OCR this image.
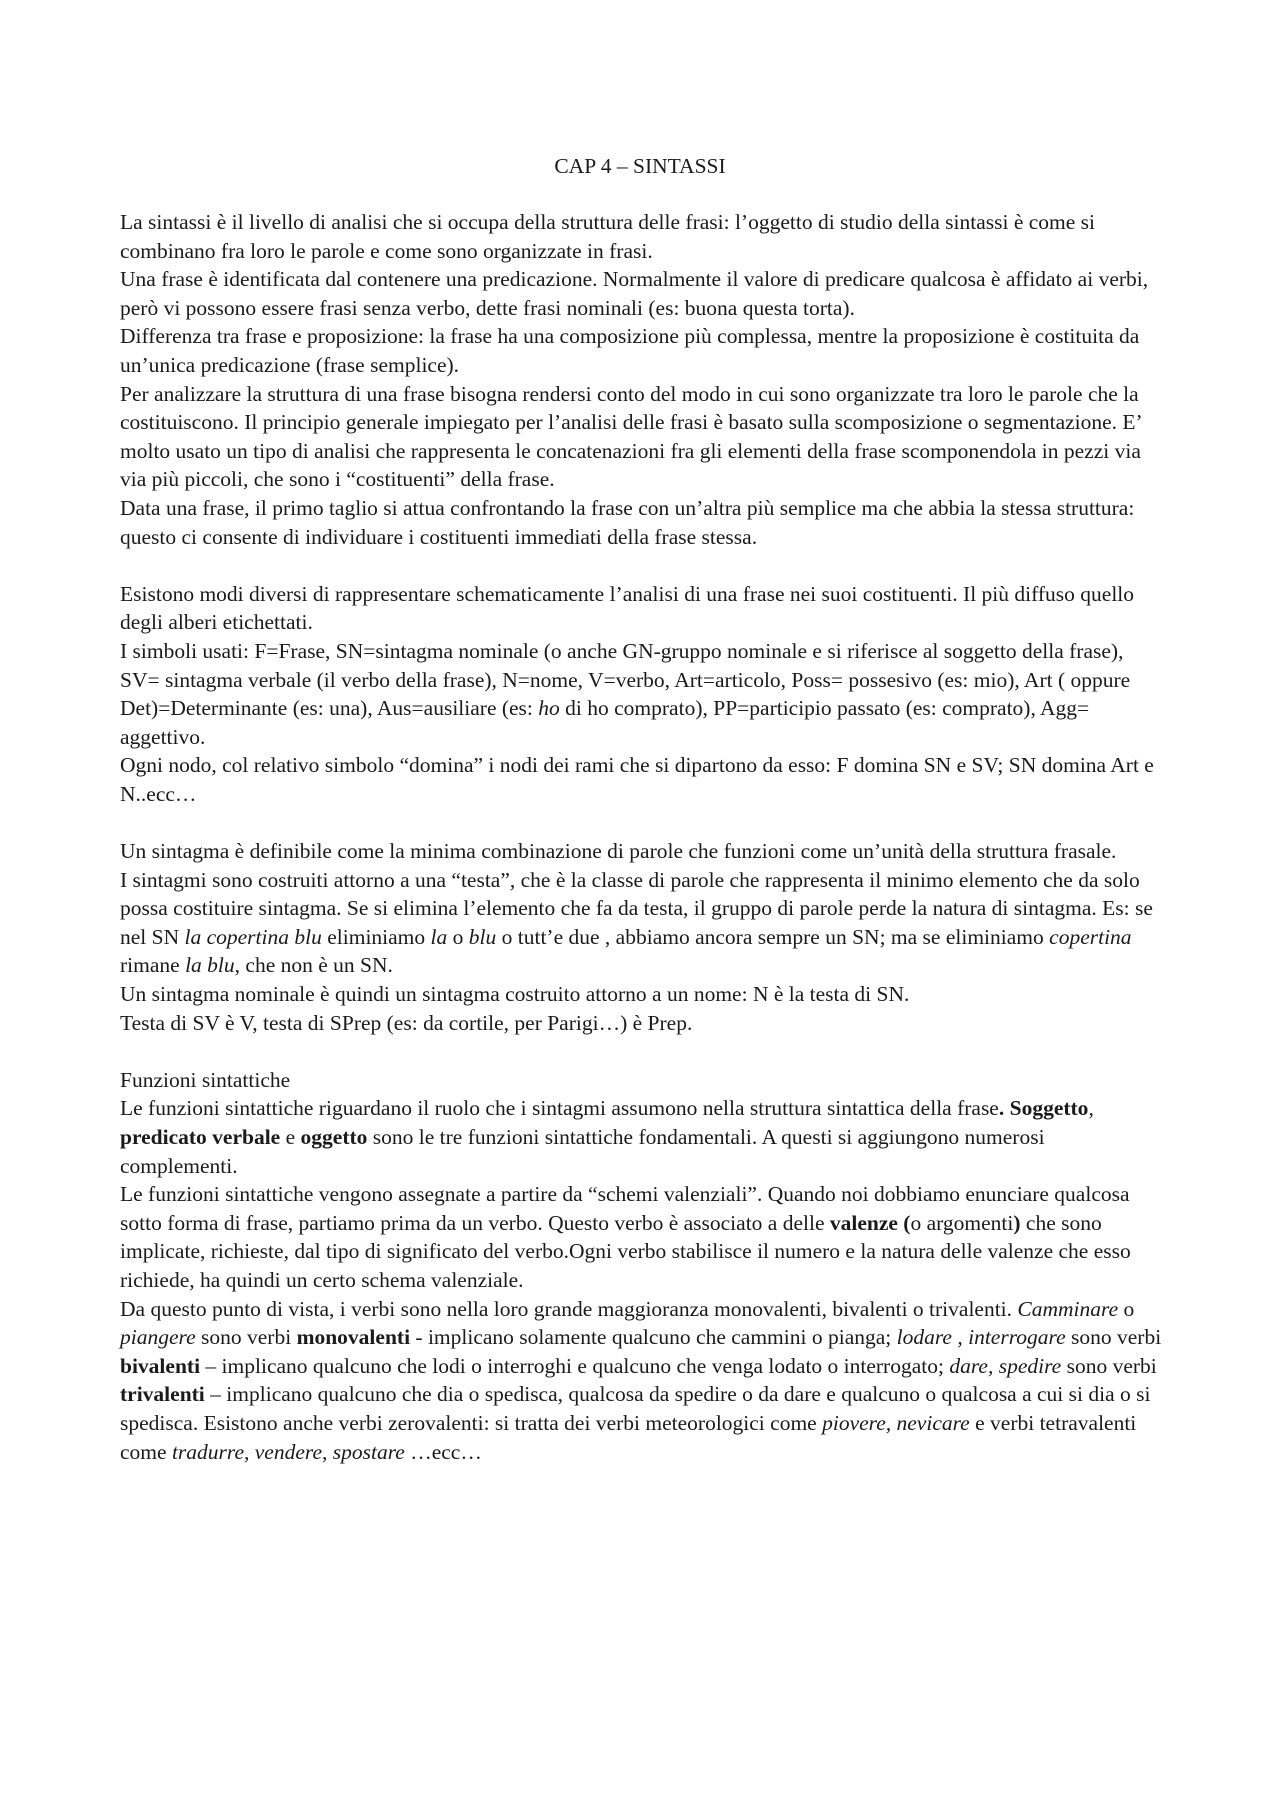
CAP 4 – SINTASSI

La sintassi è il livello di analisi che si occupa della struttura delle frasi: l’oggetto di studio della sintassi è come si combinano fra loro le parole e come sono organizzate in frasi.

Una frase è identificata dal contenere una predicazione. Normalmente il valore di predicare qualcosa è affidato ai verbi, però vi possono essere frasi senza verbo, dette frasi nominali (es: buona questa torta).

Differenza tra frase e proposizione: la frase ha una composizione più complessa, mentre la proposizione è costituita da un’unica predicazione (frase semplice).

Per analizzare la struttura di una frase bisogna rendersi conto del modo in cui sono organizzate tra loro le parole che la costituiscono. Il principio generale impiegato per l’analisi delle frasi è basato sulla scomposizione o segmentazione. E’ molto usato un tipo di analisi che rappresenta le concatenazioni fra gli elementi della frase scomponendola in pezzi via via più piccoli, che sono i “costituenti” della frase.

Data una frase, il primo taglio si attua confrontando la frase con un’altra più semplice ma che abbia la stessa struttura: questo ci consente di individuare i costituenti immediati della frase stessa.

Esistono modi diversi di rappresentare schematicamente l’analisi di una frase nei suoi costituenti. Il più diffuso quello degli alberi etichettati.

I simboli usati: F=Frase, SN=sintagma nominale (o anche GN-gruppo nominale e si riferisce al soggetto della frase), SV= sintagma verbale (il verbo della frase), N=nome, V=verbo, Art=articolo, Poss= possesivo (es: mio), Art ( oppure Det)=Determinante (es: una), Aus=ausiliare (es: ho di ho comprato), PP=participio passato (es: comprato), Agg= aggettivo.

Ogni nodo, col relativo simbolo “domina” i nodi dei rami che si dipartono da esso: F domina SN e SV; SN domina Art e N..ecc…

Un sintagma è definibile come la minima combinazione di parole che funzioni come un’unità della struttura frasale.

I sintagmi sono costruiti attorno a una “testa”, che è la classe di parole che rappresenta il minimo elemento che da solo possa costituire sintagma. Se si elimina l’elemento che fa da testa, il gruppo di parole perde la natura di sintagma. Es: se nel SN la copertina blu eliminiamo la o blu o tutt’e due , abbiamo ancora sempre un SN; ma se eliminiamo copertina rimane la blu, che non è un SN.

Un sintagma nominale è quindi un sintagma costruito attorno a un nome: N è la testa di SN.

Testa di SV è V, testa di SPrep (es: da cortile, per Parigi…) è Prep.

Funzioni sintattiche

Le funzioni sintattiche riguardano il ruolo che i sintagmi assumono nella struttura sintattica della frase. Soggetto, predicato verbale e oggetto sono le tre funzioni sintattiche fondamentali. A questi si aggiungono numerosi complementi.

Le funzioni sintattiche vengono assegnate a partire da “schemi valenziali”. Quando noi dobbiamo enunciare qualcosa sotto forma di frase, partiamo prima da un verbo. Questo verbo è associato a delle valenze (o argomenti) che sono implicate, richieste, dal tipo di significato del verbo.Ogni verbo stabilisce il numero e la natura delle valenze che esso richiede, ha quindi un certo schema valenziale.

Da questo punto di vista, i verbi sono nella loro grande maggioranza monovalenti, bivalenti o trivalenti. Camminare o piangere sono verbi monovalenti - implicano solamente qualcuno che cammini o pianga; lodare , interrogare sono verbi bivalenti – implicano qualcuno che lodi o interroghi e qualcuno che venga lodato o interrogato; dare, spedire sono verbi trivalenti – implicano qualcuno che dia o spedisca, qualcosa da spedire o da dare e qualcuno o qualcosa a cui si dia o si spedisca. Esistono anche verbi zerovalenti: si tratta dei verbi meteorologici come piovere, nevicare e verbi tetravalenti come tradurre, vendere, spostare …ecc…
